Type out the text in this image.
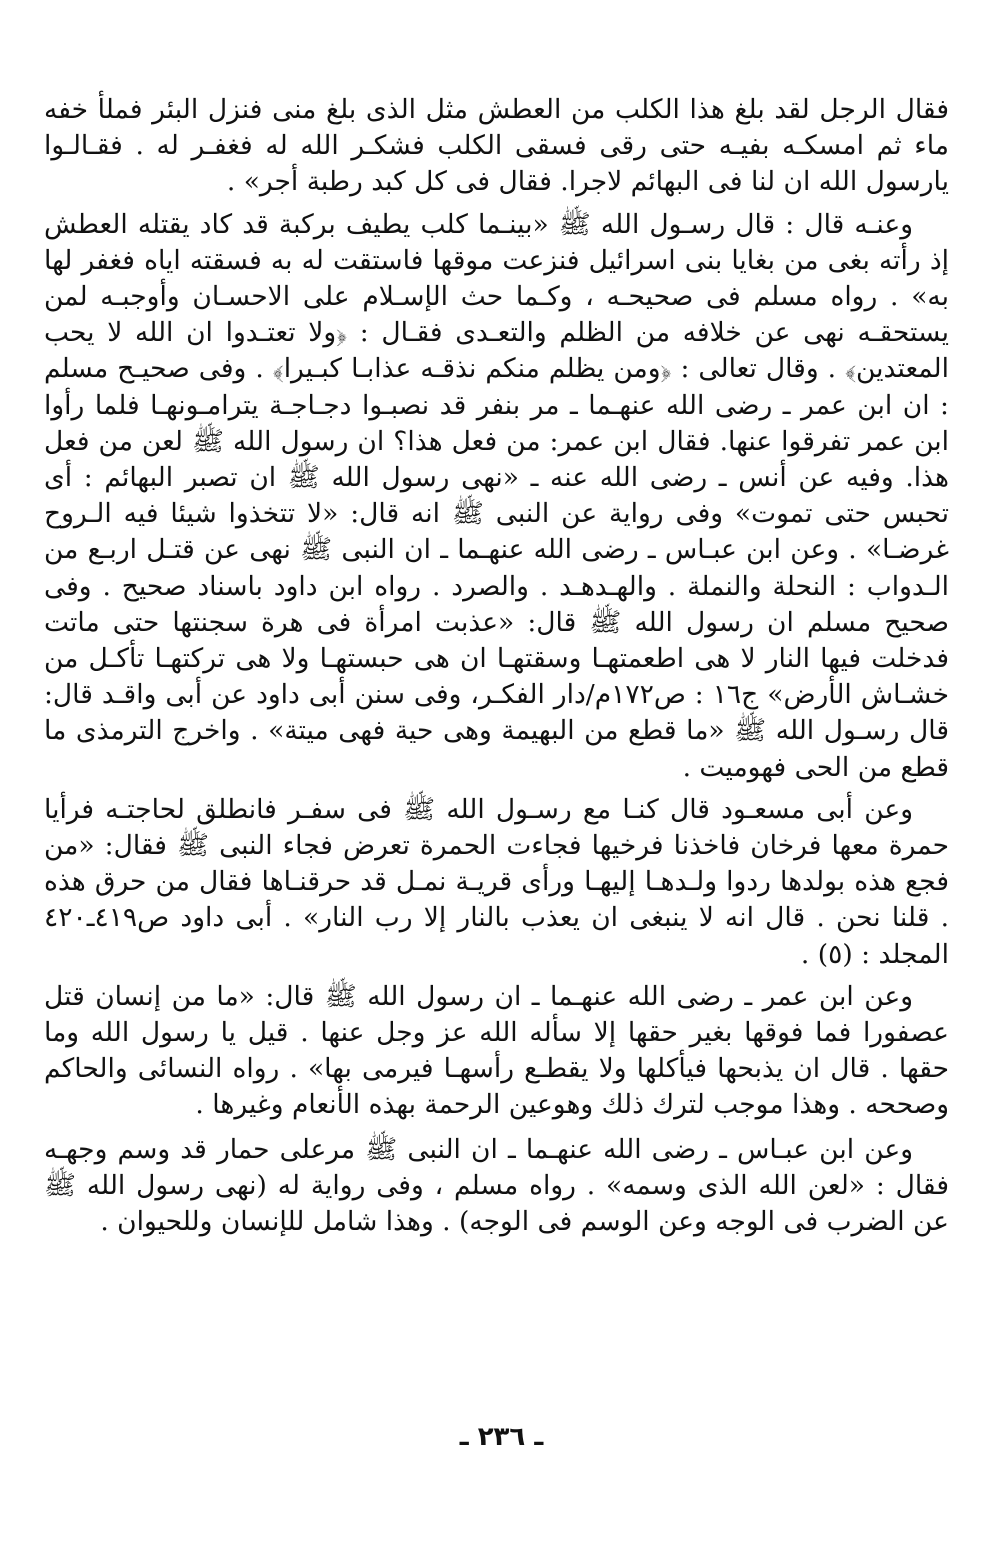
فقال الرجل لقد بلغ هذا الكلب من العطش مثل الذى بلغ منى فنزل البئر فملأ خفه ماء ثم امسكـه بفيـه حتى رقى فسقى الكلب فشكـر الله له فغفـر له . فقـالـوا يارسول الله ان لنا فى البهائم لاجرا. فقال فى كل كبد رطبة أجر» .

وعنـه قال : قال رسـول الله ﷺ «بينـما كلب يطيف بركبة قد كاد يقتله العطش إذ رأته بغى من بغايا بنى اسرائيل فنزعت موقها فاستقت له به فسقته اياه فغفر لها به» . رواه مسلم فى صحيحـه ، وكـما حث الإسـلام على الاحسـان وأوجبـه لمن يستحقـه نهى عن خلافه من الظلم والتعـدى فقـال : ﴿ولا تعتـدوا ان الله لا يحب المعتدين﴾ . وقال تعالى : ﴿ومن يظلم منكم نذقـه عذابـا كبـيرا﴾ . وفى صحيـح مسلم : ان ابن عمر ـ رضى الله عنهـما ـ مر بنفر قد نصبـوا دجـاجـة يترامـونهـا فلما رأوا ابن عمر تفرقوا عنها. فقال ابن عمر: من فعل هذا؟ ان رسول الله ﷺ لعن من فعل هذا. وفيه عن أنس ـ رضى الله عنه ـ «نهى رسول الله ﷺ ان تصبر البهائم : أى تحبس حتى تموت» وفى رواية عن النبى ﷺ انه قال: «لا تتخذوا شيئا فيه الـروح غرضـا» . وعن ابن عبـاس ـ رضى الله عنهـما ـ ان النبى ﷺ نهى عن قتـل اربـع من الـدواب : النحلة والنملة . والهـدهـد . والصرد . رواه ابن داود باسناد صحيح . وفى صحيح مسلم ان رسول الله ﷺ قال: «عذبت امرأة فى هرة سجنتها حتى ماتت فدخلت فيها النار لا هى اطعمتهـا وسقتهـا ان هى حبستهـا ولا هى تركتهـا تأكـل من خشـاش الأرض» ج١٦ : ص١٧٢م/دار الفكـر، وفى سنن أبى داود عن أبى واقـد قال: قال رسـول الله ﷺ «ما قطع من البهيمة وهى حية فهى ميتة» . واخرج الترمذى ما قطع من الحى فهوميت .

وعن أبى مسعـود قال كنـا مع رسـول الله ﷺ فى سفـر فانطلق لحاجتـه فرأيا حمرة معها فرخان فاخذنا فرخيها فجاءت الحمرة تعرض فجاء النبى ﷺ فقال: «من فجع هذه بولدها ردوا ولـدهـا إليهـا ورأى قريـة نمـل قد حرقنـاها فقال من حرق هذه . قلنا نحن . قال انه لا ينبغى ان يعذب بالنار إلا رب النار» . أبى داود ص٤١٩ـ٤٢٠ المجلد : (٥) .

وعن ابن عمر ـ رضى الله عنهـما ـ ان رسول الله ﷺ قال: «ما من إنسان قتل عصفورا فما فوقها بغير حقها إلا سأله الله عز وجل عنها . قيل يا رسول الله وما حقها . قال ان يذبحها فيأكلها ولا يقطـع رأسهـا فيرمى بها» . رواه النسائى والحاكم وصححه . وهذا موجب لترك ذلك وهوعين الرحمة بهذه الأنعام وغيرها .

وعن ابن عبـاس ـ رضى الله عنهـما ـ ان النبى ﷺ مرعلى حمار قد وسم وجهـه فقال : «لعن الله الذى وسمه» . رواه مسلم ، وفى رواية له (نهى رسول الله ﷺ عن الضرب فى الوجه وعن الوسم فى الوجه) . وهذا شامل للإنسان وللحيوان .

ـ ٢٣٦ ـ
